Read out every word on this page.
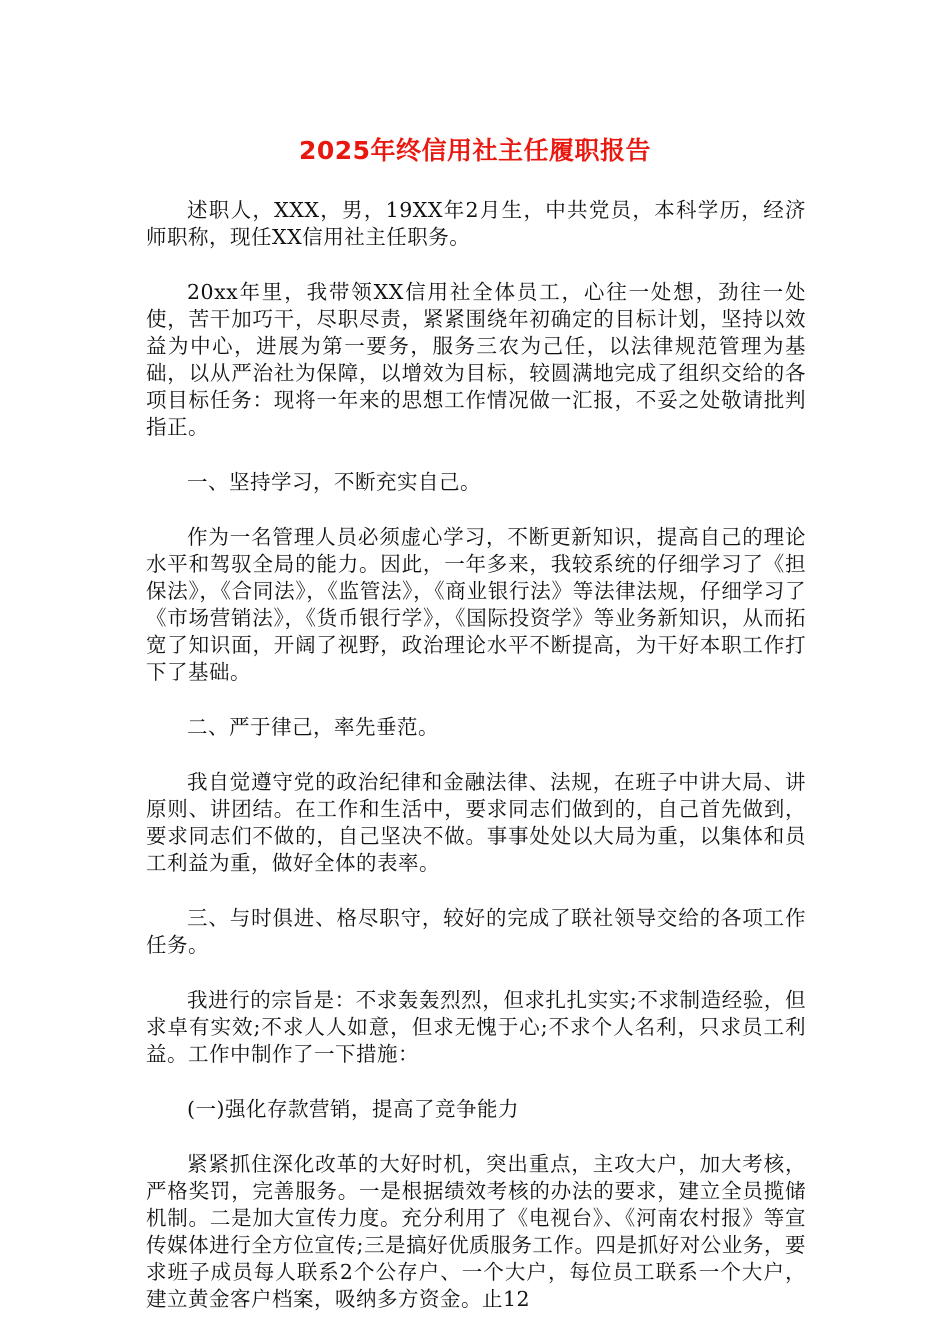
2025年终信用社主任履职报告

述职人，XXX，男，19XX年2月生，中共党员，本科学历，经济师职称，现任XX信用社主任职务。

20xx年里，我带领XX信用社全体员工，心往一处想，劲往一处使，苦干加巧干，尽职尽责，紧紧围绕年初确定的目标计划，坚持以效益为中心，进展为第一要务，服务三农为己任，以法律规范管理为基础，以从严治社为保障，以增效为目标，较圆满地完成了组织交给的各项目标任务：现将一年来的思想工作情况做一汇报，不妥之处敬请批判指正。

一、坚持学习，不断充实自己。

作为一名管理人员必须虚心学习，不断更新知识，提高自己的理论水平和驾驭全局的能力。因此，一年多来，我较系统的仔细学习了《担保法》，《合同法》，《监管法》，《商业银行法》等法律法规，仔细学习了《市场营销法》，《货币银行学》，《国际投资学》等业务新知识，从而拓宽了知识面，开阔了视野，政治理论水平不断提高，为干好本职工作打下了基础。

二、严于律己，率先垂范。

我自觉遵守党的政治纪律和金融法律、法规，在班子中讲大局、讲原则、讲团结。在工作和生活中，要求同志们做到的，自己首先做到，要求同志们不做的，自己坚决不做。事事处处以大局为重，以集体和员工利益为重，做好全体的表率。

三、与时俱进、格尽职守，较好的完成了联社领导交给的各项工作任务。

我进行的宗旨是：不求轰轰烈烈，但求扎扎实实;不求制造经验，但求卓有实效;不求人人如意，但求无愧于心;不求个人名利，只求员工利益。工作中制作了一下措施：

(一)强化存款营销，提高了竞争能力

紧紧抓住深化改革的大好时机，突出重点，主攻大户，加大考核，严格奖罚，完善服务。一是根据绩效考核的办法的要求，建立全员揽储机制。二是加大宣传力度。充分利用了《电视台》、《河南农村报》等宣传媒体进行全方位宣传;三是搞好优质服务工作。四是抓好对公业务，要求班子成员每人联系2个公存户、一个大户，每位员工联系一个大户，建立黄金客户档案，吸纳多方资金。止12
